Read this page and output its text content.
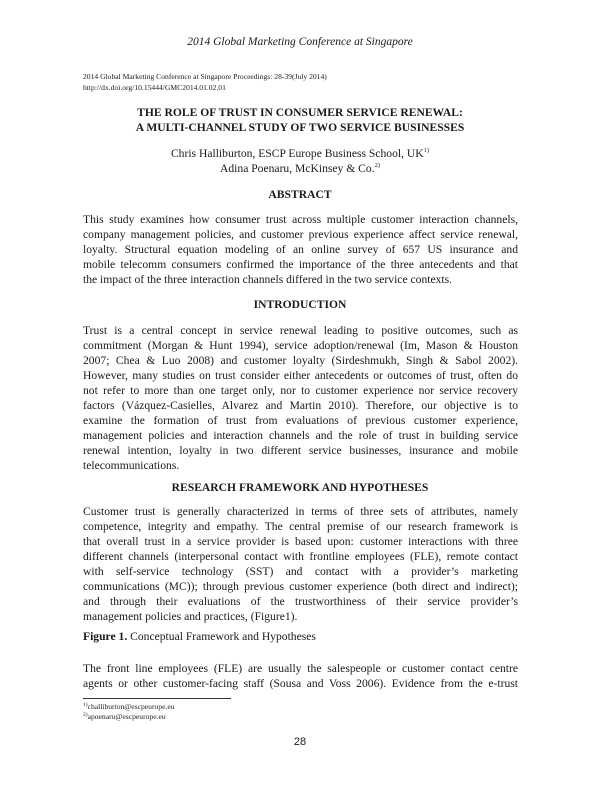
2014 Global Marketing Conference at Singapore
2014 Global Marketing Conference at Singapore Proceedings: 28-39(July 2014)
http://dx.doi.org/10.15444/GMC2014.01.02.01
THE ROLE OF TRUST IN CONSUMER SERVICE RENEWAL:
A MULTI-CHANNEL STUDY OF TWO SERVICE BUSINESSES
Chris Halliburton, ESCP Europe Business School, UK$^{1)}$
Adina Poenaru, McKinsey & Co.$^{2)}$
ABSTRACT
This study examines how consumer trust across multiple customer interaction channels,
company management policies, and customer previous experience affect service renewal,
loyalty. Structural equation modeling of an online survey of 657 US insurance and
mobile telecomm consumers confirmed the importance of the three antecedents and that
the impact of the three interaction channels differed in the two service contexts.
INTRODUCTION
Trust is a central concept in service renewal leading to positive outcomes, such as
commitment (Morgan & Hunt 1994), service adoption/renewal (Im, Mason & Houston
2007; Chea & Luo 2008) and customer loyalty (Sirdeshmukh, Singh & Sabol 2002).
However, many studies on trust consider either antecedents or outcomes of trust, often do
not refer to more than one target only, nor to customer experience nor service recovery
factors (Vázquez-Casielles, Alvarez and Martin 2010). Therefore, our objective is to
examine the formation of trust from evaluations of previous customer experience,
management policies and interaction channels and the role of trust in building service
renewal intention, loyalty in two different service businesses, insurance and mobile
telecommunications.
RESEARCH FRAMEWORK AND HYPOTHESES
Customer trust is generally characterized in terms of three sets of attributes, namely
competence, integrity and empathy. The central premise of our research framework is
that overall trust in a service provider is based upon: customer interactions with three
different channels (interpersonal contact with frontline employees (FLE), remote contact
with self-service technology (SST) and contact with a provider’s marketing
communications (MC)); through previous customer experience (both direct and indirect);
and through their evaluations of the trustworthiness of their service provider’s
management policies and practices, (Figure1).
Figure 1. Conceptual Framework and Hypotheses
The front line employees (FLE) are usually the salespeople or customer contact centre
agents or other customer-facing staff (Sousa and Voss 2006). Evidence from the e-trust
$^{1)}$challiburton@escpeurope.eu
$^{2)}$apoenaru@escpeurope.eu
28
